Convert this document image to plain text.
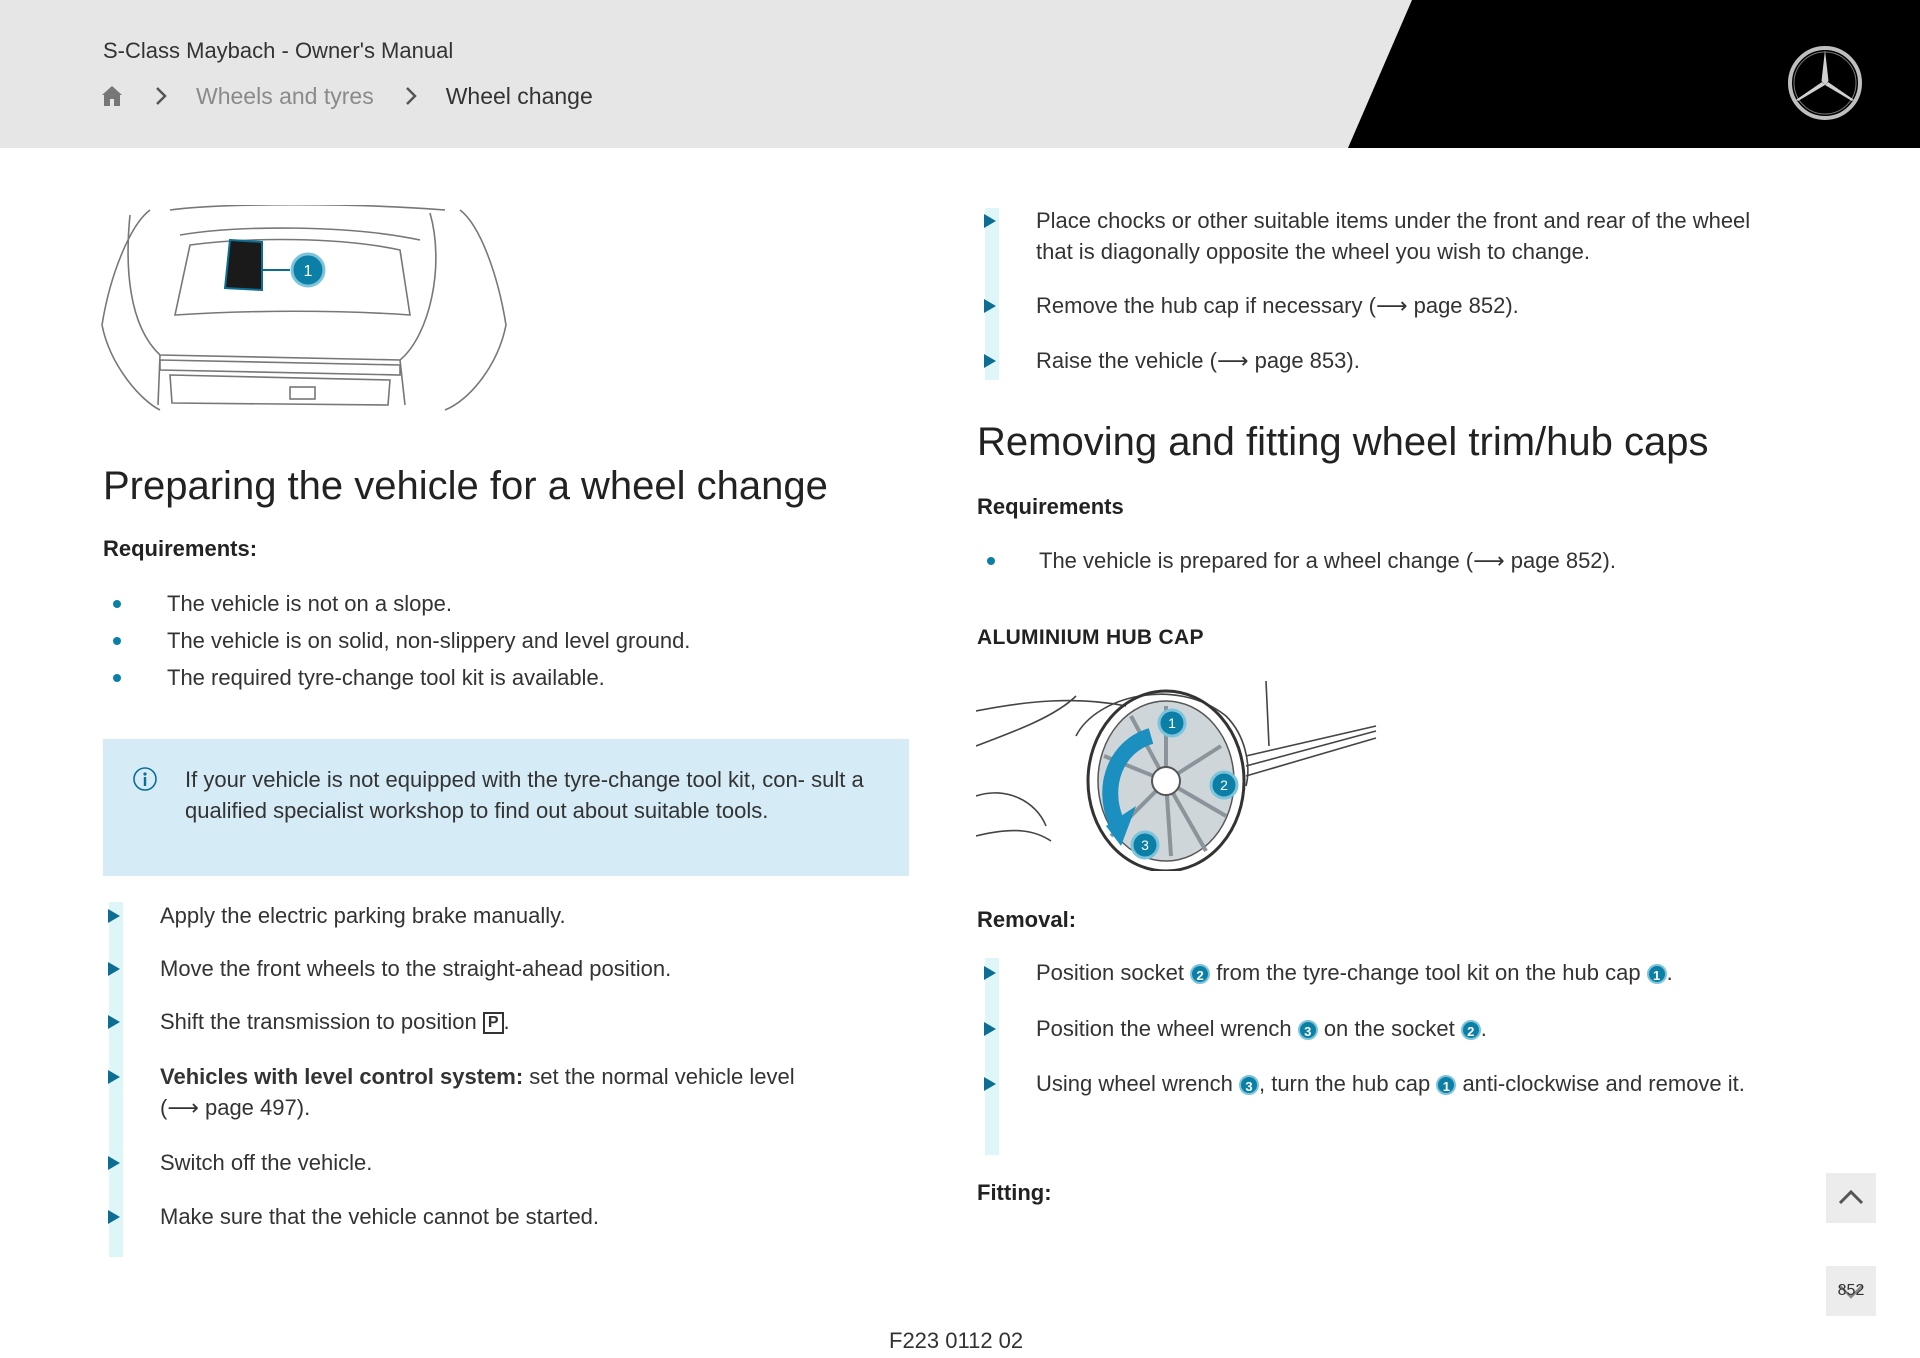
S-Class Maybach - Owner's Manual
Wheels and tyres	Wheel change
1
Preparing the vehicle for a wheel change
Requirements:
The vehicle is not on a slope.
The vehicle is on solid, non-slippery and level ground.
The required tyre-change tool kit is available.
If your vehicle is not equipped with the tyre-change tool kit, con- sult a qualified specialist workshop to find out about suitable tools.
Apply the electric parking brake manually.
Move the front wheels to the straight-ahead position.
Shift the transmission to position P .
Vehicles with level control system: set the normal vehicle level (⟶ page 497).
Switch off the vehicle.
Make sure that the vehicle cannot be started.
Place chocks or other suitable items under the front and rear of the wheel that is diagonally opposite the wheel you wish to change.
Remove the hub cap if necessary (⟶ page 852).
Raise the vehicle (⟶ page 853).
Removing and fitting wheel trim/hub caps
Requirements
The vehicle is prepared for a wheel change (⟶ page 852).
ALUMINIUM HUB CAP
1
2
3
Removal:
Position socket 2 from the tyre-change tool kit on the hub cap 1 .
Position the wheel wrench 3 on the socket 2 .
Using wheel wrench 3 , turn the hub cap 1 anti-clockwise and remove it.
Fitting:
F223 0112 02
852
